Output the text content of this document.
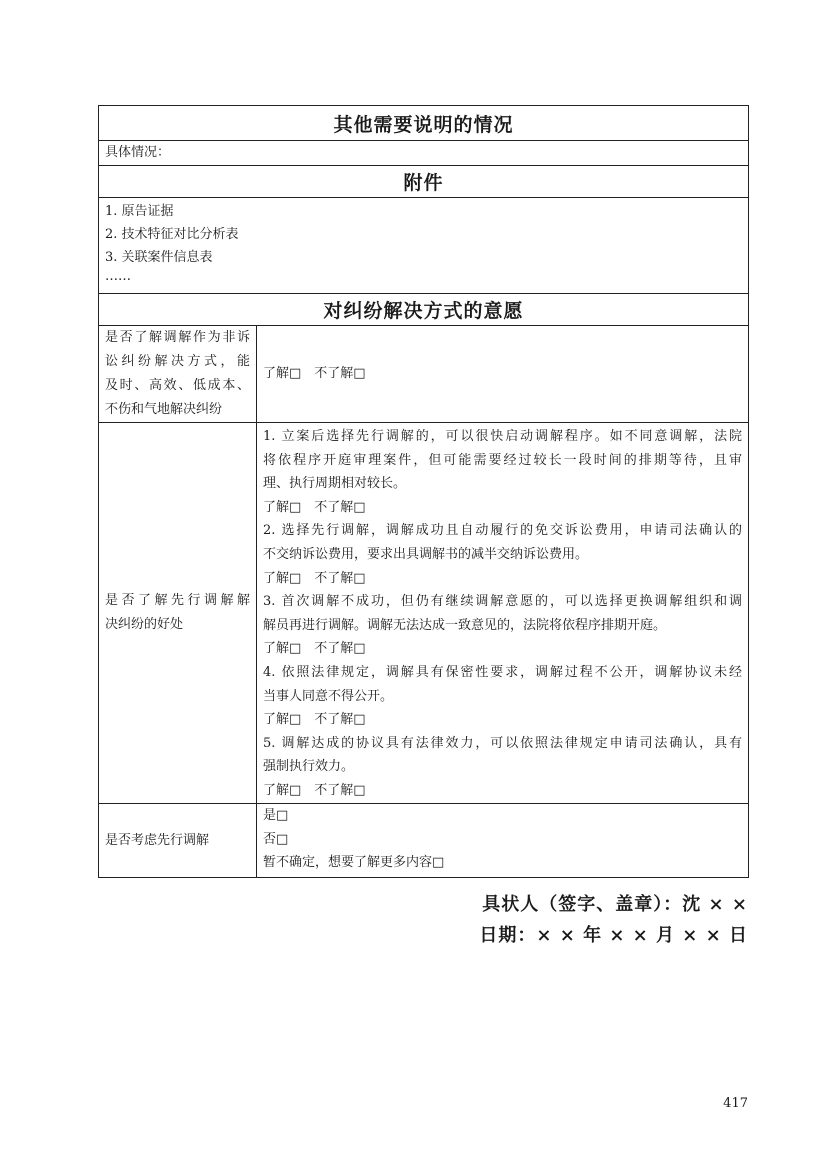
其他需要说明的情况
具体情况：
附件
1. 原告证据
2. 技术特征对比分析表
3. 关联案件信息表
……
对纠纷解决方式的意愿
是否了解调解作为非诉
讼纠纷解决方式，能
及时、高效、低成本、
不伤和气地解决纠纷
了解□　不了解□
是否了解先行调解解
决纠纷的好处
1. 立案后选择先行调解的，可以很快启动调解程序。如不同意调解，法院
将依程序开庭审理案件，但可能需要经过较长一段时间的排期等待，且审
理、执行周期相对较长。
了解□　不了解□
2. 选择先行调解，调解成功且自动履行的免交诉讼费用，申请司法确认的
不交纳诉讼费用，要求出具调解书的减半交纳诉讼费用。
了解□　不了解□
3. 首次调解不成功，但仍有继续调解意愿的，可以选择更换调解组织和调
解员再进行调解。调解无法达成一致意见的，法院将依程序排期开庭。
了解□　不了解□
4. 依照法律规定，调解具有保密性要求，调解过程不公开，调解协议未经
当事人同意不得公开。
了解□　不了解□
5. 调解达成的协议具有法律效力，可以依照法律规定申请司法确认，具有
强制执行效力。
了解□　不了解□
是否考虑先行调解
是□
否□
暂不确定，想要了解更多内容□
具状人（签字、盖章）：沈 × ×
日期：× × 年 × × 月 × × 日
417
